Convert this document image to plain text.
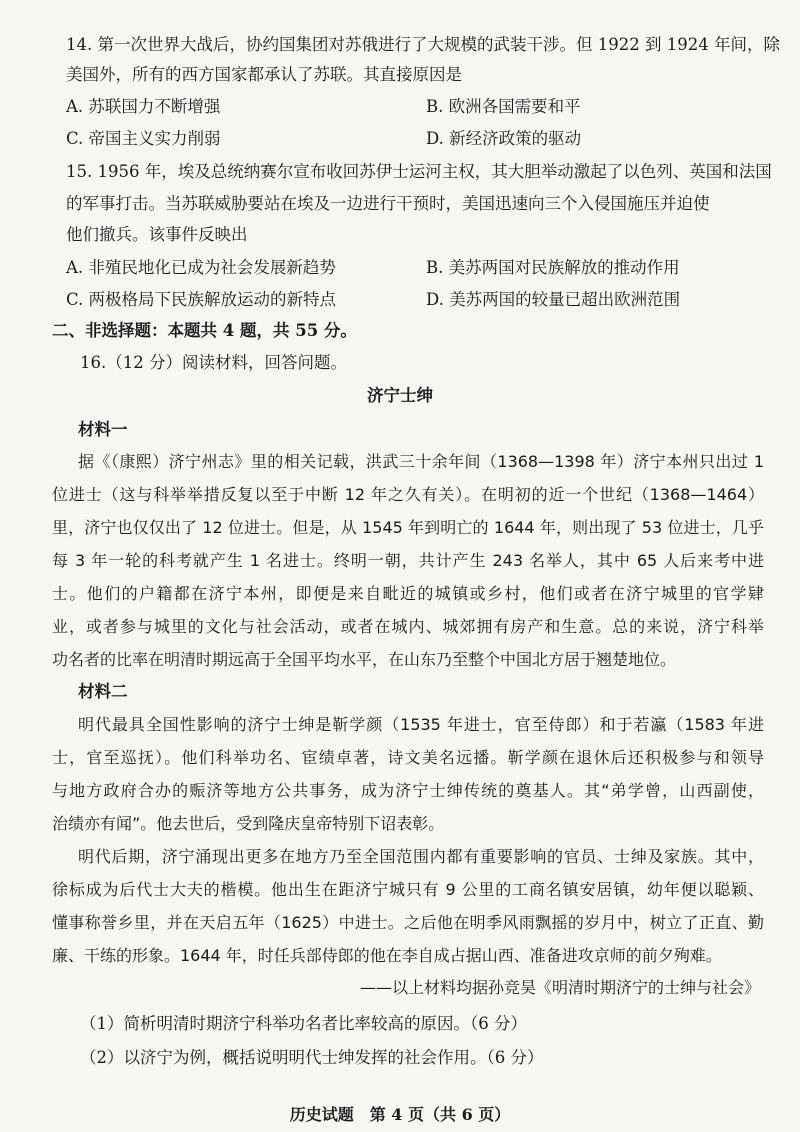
14. 第一次世界大战后，协约国集团对苏俄进行了大规模的武装干涉。但 1922 到 1924 年间，除
美国外，所有的西方国家都承认了苏联。其直接原因是
A. 苏联国力不断增强	B. 欧洲各国需要和平
C. 帝国主义实力削弱	D. 新经济政策的驱动
15. 1956 年，埃及总统纳赛尔宣布收回苏伊士运河主权，其大胆举动激起了以色列、英国和法国
的军事打击。当苏联威胁要站在埃及一边进行干预时，美国迅速向三个入侵国施压并迫使
他们撤兵。该事件反映出
A. 非殖民地化已成为社会发展新趋势	B. 美苏两国对民族解放的推动作用
C. 两极格局下民族解放运动的新特点	D. 美苏两国的较量已超出欧洲范围
二、非选择题：本题共 4 题，共 55 分。
16.（12 分）阅读材料，回答问题。
济宁士绅
材料一
据《（康熙）济宁州志》里的相关记载，洪武三十余年间（1368—1398 年）济宁本州只出过 1
位进士（这与科举举措反复以至于中断 12 年之久有关）。在明初的近一个世纪（1368—1464）
里，济宁也仅仅出了 12 位进士。但是，从 1545 年到明亡的 1644 年，则出现了 53 位进士，几乎
每 3 年一轮的科考就产生 1 名进士。终明一朝，共计产生 243 名举人，其中 65 人后来考中进
士。他们的户籍都在济宁本州，即便是来自毗近的城镇或乡村，他们或者在济宁城里的官学肄
业，或者参与城里的文化与社会活动，或者在城内、城郊拥有房产和生意。总的来说，济宁科举
功名者的比率在明清时期远高于全国平均水平，在山东乃至整个中国北方居于翘楚地位。
材料二
明代最具全国性影响的济宁士绅是靳学颜（1535 年进士，官至侍郎）和于若瀛（1583 年进
士，官至巡抚）。他们科举功名、宦绩卓著，诗文美名远播。靳学颜在退休后还积极参与和领导
与地方政府合办的赈济等地方公共事务，成为济宁士绅传统的奠基人。其“弟学曾，山西副使，
治绩亦有闻”。他去世后，受到隆庆皇帝特别下诏表彰。
明代后期，济宁涌现出更多在地方乃至全国范围内都有重要影响的官员、士绅及家族。其中，
徐标成为后代士大夫的楷模。他出生在距济宁城只有 9 公里的工商名镇安居镇，幼年便以聪颖、
懂事称誉乡里，并在天启五年（1625）中进士。之后他在明季风雨飘摇的岁月中，树立了正直、勤
廉、干练的形象。1644 年，时任兵部侍郎的他在李自成占据山西、准备进攻京师的前夕殉难。
——以上材料均据孙竞昊《明清时期济宁的士绅与社会》
（1）简析明清时期济宁科举功名者比率较高的原因。（6 分）
（2）以济宁为例，概括说明明代士绅发挥的社会作用。（6 分）
历史试题　第 4 页（共 6 页）
